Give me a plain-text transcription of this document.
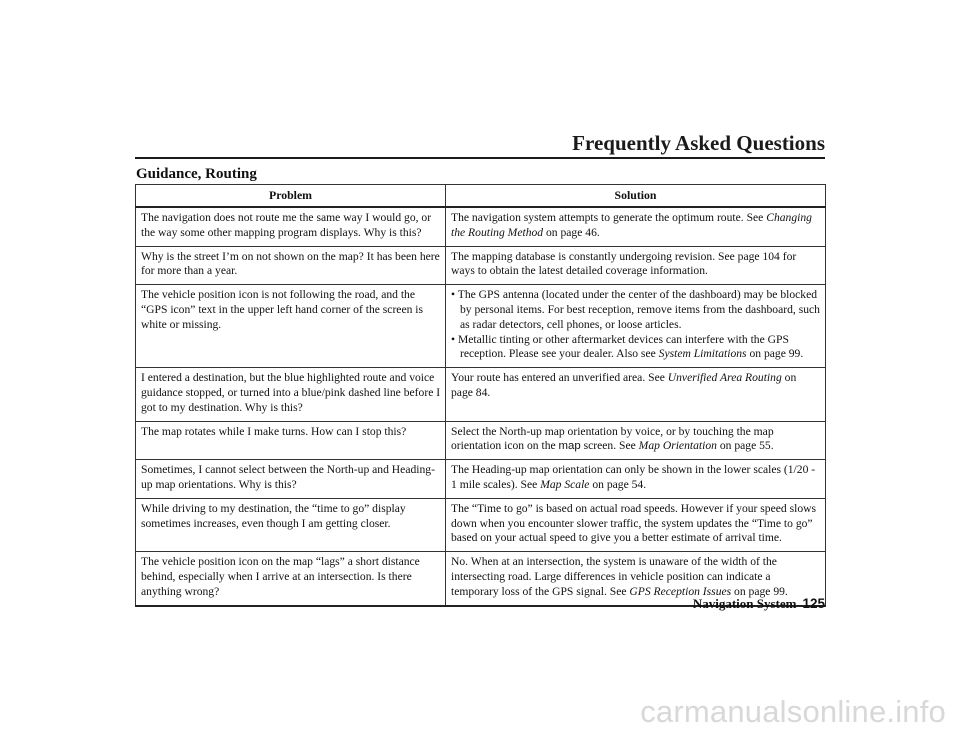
Frequently Asked Questions
Guidance, Routing
Problem	Solution
The navigation does not route me the same way I would go, or the way some other mapping program displays. Why is this?	The navigation system attempts to generate the optimum route. See Changing the Routing Method on page 46.
Why is the street I’m on not shown on the map? It has been here for more than a year.	The mapping database is constantly undergoing revision. See page 104 for ways to obtain the latest detailed coverage information.
The vehicle position icon is not following the road, and the “GPS icon” text in the upper left hand corner of the screen is white or missing.	• The GPS antenna (located under the center of the dashboard) may be blocked by personal items. For best reception, remove items from the dashboard, such as radar detectors, cell phones, or loose articles.
• Metallic tinting or other aftermarket devices can interfere with the GPS reception. Please see your dealer. Also see System Limitations on page 99.

I entered a destination, but the blue highlighted route and voice guidance stopped, or turned into a blue/pink dashed line before I got to my destination. Why is this?	Your route has entered an unverified area. See Unverified Area Routing on page 84.
The map rotates while I make turns. How can I stop this?	Select the North-up map orientation by voice, or by touching the map orientation icon on the map screen. See Map Orientation on page 55.
Sometimes, I cannot select between the North-up and Heading-up map orientations. Why is this?	The Heading-up map orientation can only be shown in the lower scales (1/20 - 1 mile scales). See Map Scale on page 54.
While driving to my destination, the “time to go” display sometimes increases, even though I am getting closer.	The “Time to go” is based on actual road speeds. However if your speed slows down when you encounter slower traffic, the system updates the “Time to go” based on your actual speed to give you a better estimate of arrival time.
The vehicle position icon on the map “lags” a short distance behind, especially when I arrive at an intersection. Is there anything wrong?	No. When at an intersection, the system is unaware of the width of the intersecting road. Large differences in vehicle position can indicate a temporary loss of the GPS signal. See GPS Reception Issues on page 99.
Navigation System 125
carmanualsonline.info
